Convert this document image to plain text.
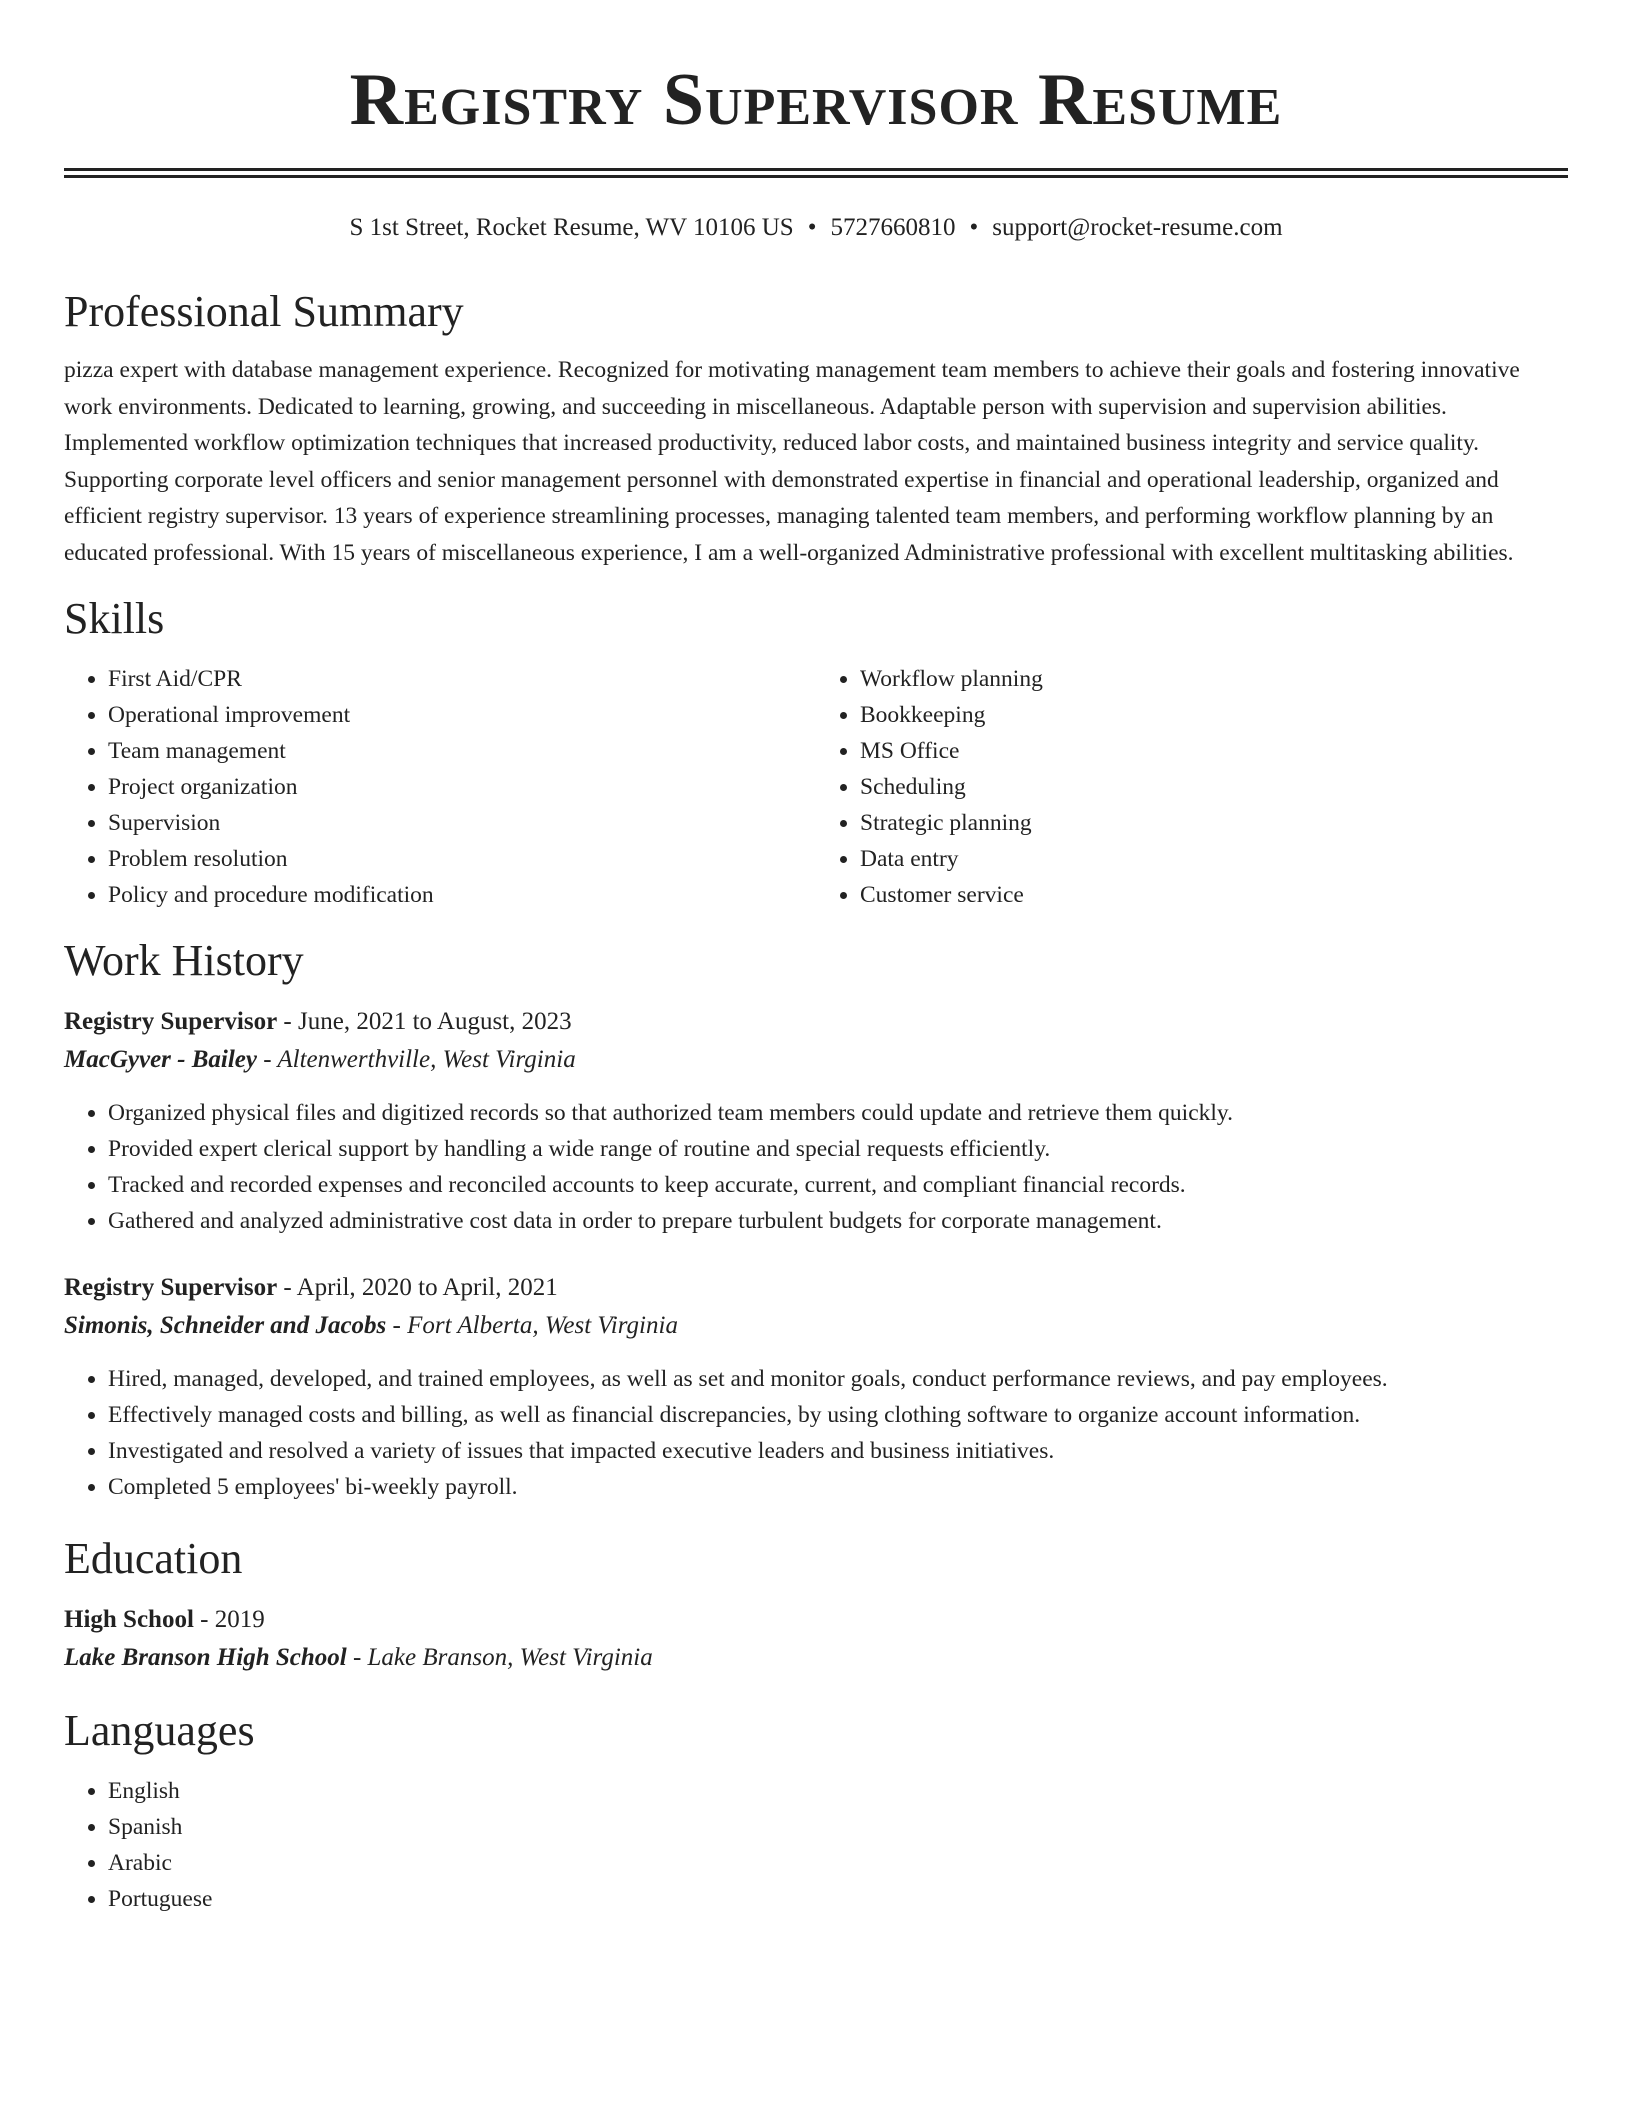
Registry Supervisor Resume
S 1st Street, Rocket Resume, WV 10106 US • 5727660810 • support@rocket-resume.com
Professional Summary
pizza expert with database management experience. Recognized for motivating management team members to achieve their goals and fostering innovative work environments. Dedicated to learning, growing, and succeeding in miscellaneous. Adaptable person with supervision and supervision abilities. Implemented workflow optimization techniques that increased productivity, reduced labor costs, and maintained business integrity and service quality. Supporting corporate level officers and senior management personnel with demonstrated expertise in financial and operational leadership, organized and efficient registry supervisor. 13 years of experience streamlining processes, managing talented team members, and performing workflow planning by an educated professional. With 15 years of miscellaneous experience, I am a well-organized Administrative professional with excellent multitasking abilities.
Skills
• First Aid/CPR
• Operational improvement
• Team management
• Project organization
• Supervision
• Problem resolution
• Policy and procedure modification
• Workflow planning
• Bookkeeping
• MS Office
• Scheduling
• Strategic planning
• Data entry
• Customer service
Work History
Registry Supervisor - June, 2021 to August, 2023
MacGyver - Bailey - Altenwerthville, West Virginia
• Organized physical files and digitized records so that authorized team members could update and retrieve them quickly.
• Provided expert clerical support by handling a wide range of routine and special requests efficiently.
• Tracked and recorded expenses and reconciled accounts to keep accurate, current, and compliant financial records.
• Gathered and analyzed administrative cost data in order to prepare turbulent budgets for corporate management.
Registry Supervisor - April, 2020 to April, 2021
Simonis, Schneider and Jacobs - Fort Alberta, West Virginia
• Hired, managed, developed, and trained employees, as well as set and monitor goals, conduct performance reviews, and pay employees.
• Effectively managed costs and billing, as well as financial discrepancies, by using clothing software to organize account information.
• Investigated and resolved a variety of issues that impacted executive leaders and business initiatives.
• Completed 5 employees' bi-weekly payroll.
Education
High School - 2019
Lake Branson High School - Lake Branson, West Virginia
Languages
• English
• Spanish
• Arabic
• Portuguese
